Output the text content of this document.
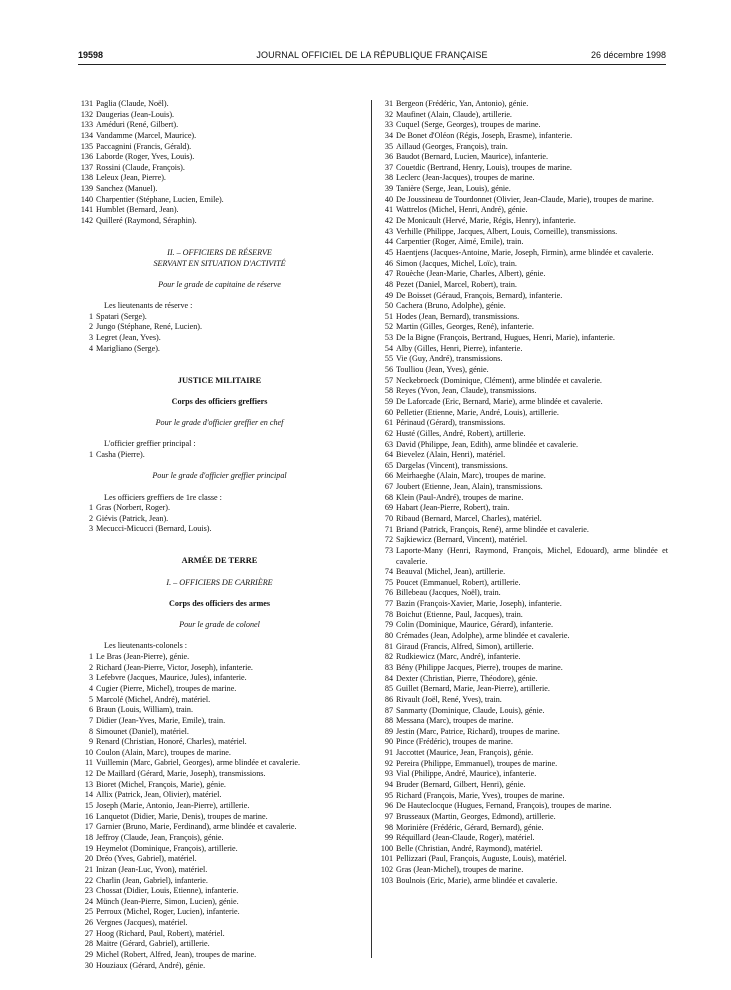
19598	JOURNAL OFFICIEL DE LA RÉPUBLIQUE FRANÇAISE	26 décembre 1998
131 Paglia (Claude, Noël).
132 Daugerias (Jean-Louis).
133 Améduri (René, Gilbert).
134 Vandamme (Marcel, Maurice).
135 Paccagnini (Francis, Gérald).
136 Laborde (Roger, Yves, Louis).
137 Rossini (Claude, François).
138 Leleux (Jean, Pierre).
139 Sanchez (Manuel).
140 Charpentier (Stéphane, Lucien, Emile).
141 Humblet (Bernard, Jean).
142 Quilleré (Raymond, Séraphin).
II. – OFFICIERS DE RÉSERVE
SERVANT EN SITUATION D'ACTIVITÉ
Pour le grade de capitaine de réserve
Les lieutenants de réserve :
1 Spatari (Serge).
2 Jungo (Stéphane, René, Lucien).
3 Legret (Jean, Yves).
4 Marigliano (Serge).
JUSTICE MILITAIRE
Corps des officiers greffiers
Pour le grade d'officier greffier en chef
L'officier greffier principal :
1 Casha (Pierre).
Pour le grade d'officier greffier principal
Les officiers greffiers de 1re classe :
1 Gras (Norbert, Roger).
2 Giévis (Patrick, Jean).
3 Mecucci-Micucci (Bernard, Louis).
ARMÉE DE TERRE
I. – OFFICIERS DE CARRIÈRE
Corps des officiers des armes
Pour le grade de colonel
Les lieutenants-colonels :
1 Le Bras (Jean-Pierre), génie.
2 Richard (Jean-Pierre, Victor, Joseph), infanterie.
3 Lefebvre (Jacques, Maurice, Jules), infanterie.
4 Cugier (Pierre, Michel), troupes de marine.
5 Marcolé (Michel, André), matériel.
6 Braun (Louis, William), train.
7 Didier (Jean-Yves, Marie, Emile), train.
8 Simounet (Daniel), matériel.
9 Renard (Christian, Honoré, Charles), matériel.
10 Coulon (Alain, Marc), troupes de marine.
11 Vuillemin (Marc, Gabriel, Georges), arme blindée et cavalerie.
12 De Maillard (Gérard, Marie, Joseph), transmissions.
13 Bioret (Michel, François, Marie), génie.
14 Allix (Patrick, Jean, Olivier), matériel.
15 Joseph (Marie, Antonio, Jean-Pierre), artillerie.
16 Lanquetot (Didier, Marie, Denis), troupes de marine.
17 Garnier (Bruno, Marie, Ferdinand), arme blindée et cavalerie.
18 Jeffroy (Claude, Jean, François), génie.
19 Heymelot (Dominique, François), artillerie.
20 Dréo (Yves, Gabriel), matériel.
21 Inizan (Jean-Luc, Yvon), matériel.
22 Charlin (Jean, Gabriel), infanterie.
23 Chossat (Didier, Louis, Etienne), infanterie.
24 Münch (Jean-Pierre, Simon, Lucien), génie.
25 Perroux (Michel, Roger, Lucien), infanterie.
26 Vergnes (Jacques), matériel.
27 Hoog (Richard, Paul, Robert), matériel.
28 Maitre (Gérard, Gabriel), artillerie.
29 Michel (Robert, Alfred, Jean), troupes de marine.
30 Houziaux (Gérard, André), génie.
31 Bergeon (Frédéric, Yan, Antonio), génie.
32 Maufinet (Alain, Claude), artillerie.
33 Cuquel (Serge, Georges), troupes de marine.
34 De Bonet d'Oléon (Régis, Joseph, Erasme), infanterie.
35 Aillaud (Georges, François), train.
36 Baudot (Bernard, Lucien, Maurice), infanterie.
37 Couetdic (Bertrand, Henry, Louis), troupes de marine.
38 Leclerc (Jean-Jacques), troupes de marine.
39 Tanière (Serge, Jean, Louis), génie.
40 De Joussineau de Tourdonnet (Olivier, Jean-Claude, Marie), troupes de marine.
41 Wattrelos (Michel, Henri, André), génie.
42 De Monicault (Hervé, Marie, Régis, Henry), infanterie.
43 Verhille (Philippe, Jacques, Albert, Louis, Corneille), transmissions.
44 Carpentier (Roger, Aimé, Emile), train.
45 Haentjens (Jacques-Antoine, Marie, Joseph, Firmin), arme blindée et cavalerie.
46 Simon (Jacques, Michel, Loïc), train.
47 Rouèche (Jean-Marie, Charles, Albert), génie.
48 Pezet (Daniel, Marcel, Robert), train.
49 De Boisset (Géraud, François, Bernard), infanterie.
50 Cachera (Bruno, Adolphe), génie.
51 Hodes (Jean, Bernard), transmissions.
52 Martin (Gilles, Georges, René), infanterie.
53 De la Bigne (François, Bertrand, Hugues, Henri, Marie), infanterie.
54 Alby (Gilles, Henri, Pierre), infanterie.
55 Vie (Guy, André), transmissions.
56 Toulliou (Jean, Yves), génie.
57 Neckebroeck (Dominique, Clément), arme blindée et cavalerie.
58 Reyes (Yvon, Jean, Claude), transmissions.
59 De Laforcade (Eric, Bernard, Marie), arme blindée et cavalerie.
60 Pelletier (Etienne, Marie, André, Louis), artillerie.
61 Périnaud (Gérard), transmissions.
62 Husté (Gilles, André, Robert), artillerie.
63 David (Philippe, Jean, Edith), arme blindée et cavalerie.
64 Bievelez (Alain, Henri), matériel.
65 Dargelas (Vincent), transmissions.
66 Meirhaeghe (Alain, Marc), troupes de marine.
67 Joubert (Etienne, Jean, Alain), transmissions.
68 Klein (Paul-André), troupes de marine.
69 Habart (Jean-Pierre, Robert), train.
70 Ribaud (Bernard, Marcel, Charles), matériel.
71 Briand (Patrick, François, René), arme blindée et cavalerie.
72 Sajkiewicz (Bernard, Vincent), matériel.
73 Laporte-Many (Henri, Raymond, François, Michel, Edouard), arme blindée et cavalerie.
74 Beauval (Michel, Jean), artillerie.
75 Poucet (Emmanuel, Robert), artillerie.
76 Billebeau (Jacques, Noël), train.
77 Bazin (François-Xavier, Marie, Joseph), infanterie.
78 Boichut (Etienne, Paul, Jacques), train.
79 Colin (Dominique, Maurice, Gérard), infanterie.
80 Crémades (Jean, Adolphe), arme blindée et cavalerie.
81 Giraud (Francis, Alfred, Simon), artillerie.
82 Rudkiewicz (Marc, André), infanterie.
83 Bény (Philippe Jacques, Pierre), troupes de marine.
84 Dexter (Christian, Pierre, Théodore), génie.
85 Guillet (Bernard, Marie, Jean-Pierre), artillerie.
86 Rivault (Joël, René, Yves), train.
87 Sanmarty (Dominique, Claude, Louis), génie.
88 Messana (Marc), troupes de marine.
89 Jestin (Marc, Patrice, Richard), troupes de marine.
90 Pince (Frédéric), troupes de marine.
91 Jaccottet (Maurice, Jean, François), génie.
92 Pereira (Philippe, Emmanuel), troupes de marine.
93 Vial (Philippe, André, Maurice), infanterie.
94 Bruder (Bernard, Gilbert, Henri), génie.
95 Richard (François, Marie, Yves), troupes de marine.
96 De Hauteclocque (Hugues, Fernand, François), troupes de marine.
97 Brusseaux (Martin, Georges, Edmond), artillerie.
98 Morinière (Frédéric, Gérard, Bernard), génie.
99 Réquillard (Jean-Claude, Roger), matériel.
100 Belle (Christian, André, Raymond), matériel.
101 Pellizzari (Paul, François, Auguste, Louis), matériel.
102 Gras (Jean-Michel), troupes de marine.
103 Boulnois (Eric, Marie), arme blindée et cavalerie.
